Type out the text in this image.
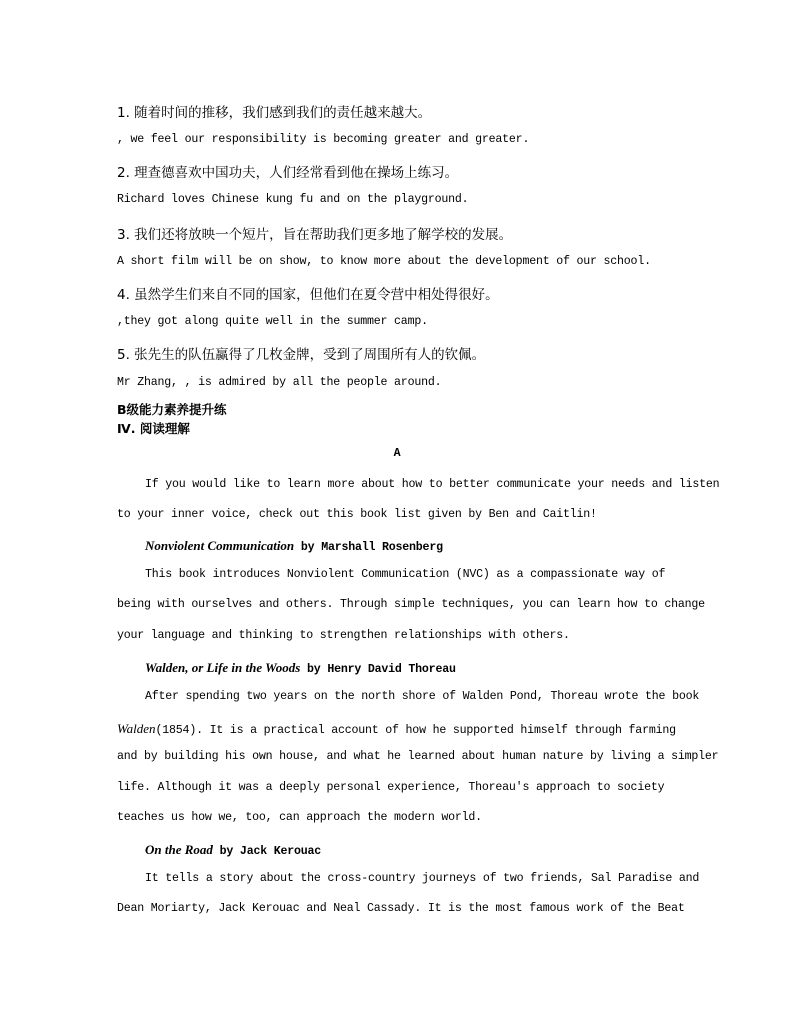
1. 随着时间的推移，我们感到我们的责任越来越大。
, we feel our responsibility is becoming greater and greater.
2. 理查德喜欢中国功夫，人们经常看到他在操场上练习。
Richard loves Chinese kung fu and on the playground.
3. 我们还将放映一个短片，旨在帮助我们更多地了解学校的发展。
A short film will be on show, to know more about the development of our school.
4. 虽然学生们来自不同的国家，但他们在夏令营中相处得很好。
,they got along quite well in the summer camp.
5. 张先生的队伍赢得了几枚金牌，受到了周围所有人的钦佩。
Mr Zhang, , is admired by all the people around.
B级能力素养提升练
Ⅳ. 阅读理解
A
If you would like to learn more about how to better communicate your needs and listen
to your inner voice, check out this book list given by Ben and Caitlin!
Nonviolent Communication by Marshall Rosenberg
This book introduces Nonviolent Communication (NVC) as a compassionate way of
being with ourselves and others. Through simple techniques, you can learn how to change
your language and thinking to strengthen relationships with others.
Walden, or Life in the Woods by Henry David Thoreau
After spending two years on the north shore of Walden Pond, Thoreau wrote the book
Walden(1854). It is a practical account of how he supported himself through farming
and by building his own house, and what he learned about human nature by living a simpler
life. Although it was a deeply personal experience, Thoreau's approach to society
teaches us how we, too, can approach the modern world.
On the Road by Jack Kerouac
It tells a story about the cross-country journeys of two friends, Sal Paradise and
Dean Moriarty, Jack Kerouac and Neal Cassady. It is the most famous work of the Beat
